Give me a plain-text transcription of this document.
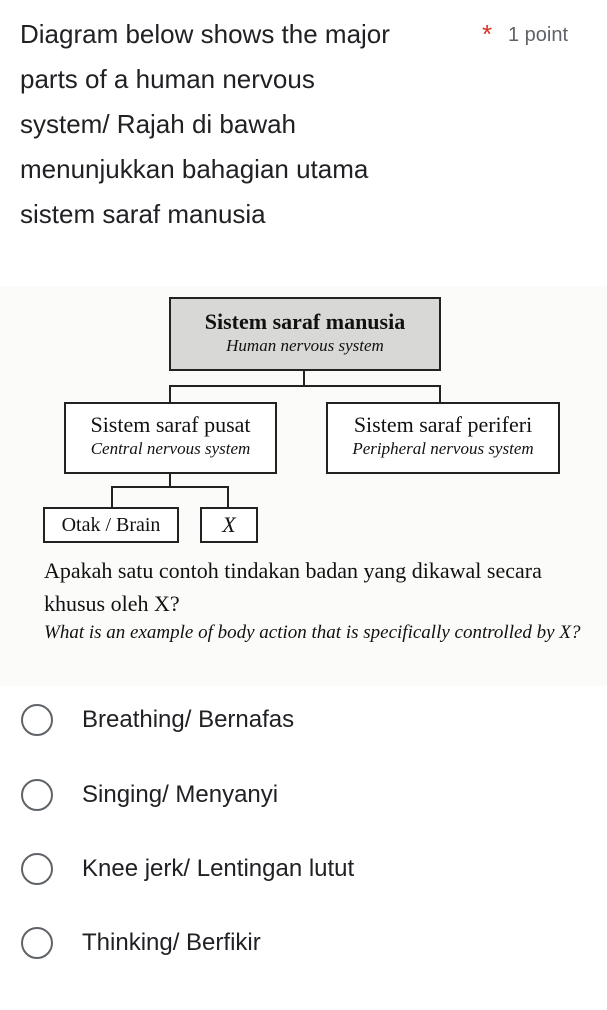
Diagram below shows the major
parts of a human nervous
system/ Rajah di bawah
menunjukkan bahagian utama
sistem saraf manusia
* 1 point
Sistem saraf manusia
Human nervous system
Sistem saraf pusat
Central nervous system
Sistem saraf periferi
Peripheral nervous system
Otak / Brain	X
Apakah satu contoh tindakan badan yang dikawal secara khusus oleh X?
What is an example of body action that is specifically controlled by X?
Breathing/ Bernafas
Singing/ Menyanyi
Knee jerk/ Lentingan lutut
Thinking/ Berfikir
